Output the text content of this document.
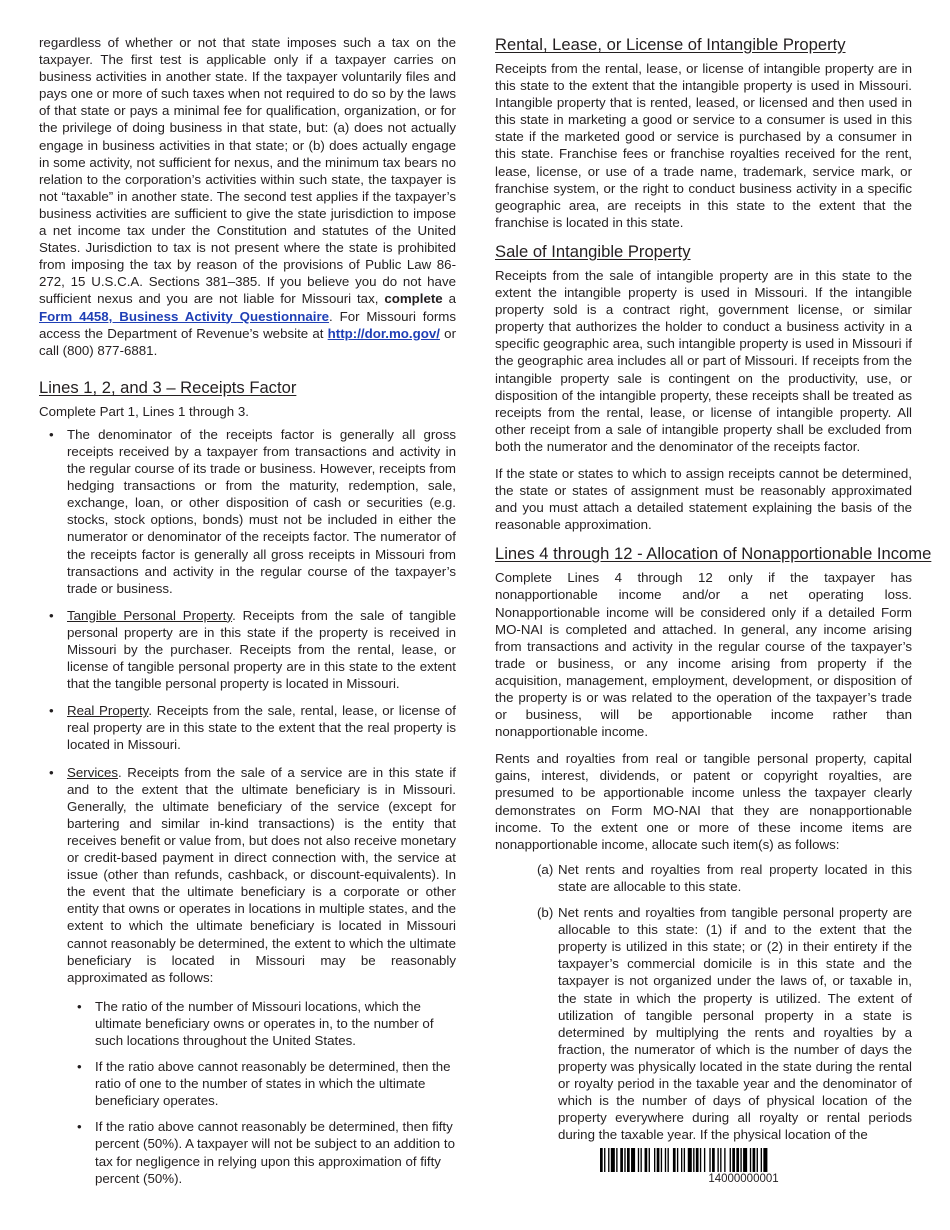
regardless of whether or not that state imposes such a tax on the taxpayer. The first test is applicable only if a taxpayer carries on business activities in another state. If the taxpayer voluntarily files and pays one or more of such taxes when not required to do so by the laws of that state or pays a minimal fee for qualification, organization, or for the privilege of doing business in that state, but: (a) does not actually engage in business activities in that state; or (b) does actually engage in some activity, not sufficient for nexus, and the minimum tax bears no relation to the corporation’s activities within such state, the taxpayer is not “taxable” in another state. The second test applies if the taxpayer’s business activities are sufficient to give the state jurisdiction to impose a net income tax under the Constitution and statutes of the United States. Jurisdiction to tax is not present where the state is prohibited from imposing the tax by reason of the provisions of Public Law 86-272, 15 U.S.C.A. Sections 381–385. If you believe you do not have sufficient nexus and you are not liable for Missouri tax, complete a Form 4458, Business Activity Questionnaire. For Missouri forms access the Department of Revenue’s website at http://dor.mo.gov/ or call (800) 877-6881.

Lines 1, 2, and 3 – Receipts Factor

Complete Part 1, Lines 1 through 3.

• The denominator of the receipts factor is generally all gross receipts received by a taxpayer from transactions and activity in the regular course of its trade or business. However, receipts from hedging transactions or from the maturity, redemption, sale, exchange, loan, or other disposition of cash or securities (e.g. stocks, stock options, bonds) must not be included in either the numerator or denominator of the receipts factor. The numerator of the receipts factor is generally all gross receipts in Missouri from transactions and activity in the regular course of the taxpayer’s trade or business.
• Tangible Personal Property. Receipts from the sale of tangible personal property are in this state if the property is received in Missouri by the purchaser. Receipts from the rental, lease, or license of tangible personal property are in this state to the extent that the tangible personal property is located in Missouri.
• Real Property. Receipts from the sale, rental, lease, or license of real property are in this state to the extent that the real property is located in Missouri.
• Services. Receipts from the sale of a service are in this state if and to the extent that the ultimate beneficiary is in Missouri. Generally, the ultimate beneficiary of the service (except for bartering and similar in-kind transactions) is the entity that receives benefit or value from, but does not also receive monetary or credit-based payment in direct connection with, the service at issue (other than refunds, cashback, or discount-equivalents). In the event that the ultimate beneficiary is a corporate or other entity that owns or operates in locations in multiple states, and the extent to which the ultimate beneficiary is located in Missouri cannot reasonably be determined, the extent to which the ultimate beneficiary is located in Missouri may be reasonably approximated as follows:
• The ratio of the number of Missouri locations, which the ultimate beneficiary owns or operates in, to the number of such locations throughout the United States.
• If the ratio above cannot reasonably be determined, then the ratio of one to the number of states in which the ultimate beneficiary operates.
• If the ratio above cannot reasonably be determined, then fifty percent (50%). A taxpayer will not be subject to an addition to tax for negligence in relying upon this approximation of fifty percent (50%).
Rental, Lease, or License of Intangible Property

Receipts from the rental, lease, or license of intangible property are in this state to the extent that the intangible property is used in Missouri. Intangible property that is rented, leased, or licensed and then used in this state in marketing a good or service to a consumer is used in this state if the marketed good or service is purchased by a consumer in this state. Franchise fees or franchise royalties received for the rent, lease, license, or use of a trade name, trademark, service mark, or franchise system, or the right to conduct business activity in a specific geographic area, are receipts in this state to the extent that the franchise is located in this state.

Sale of Intangible Property

Receipts from the sale of intangible property are in this state to the extent the intangible property is used in Missouri. If the intangible property sold is a contract right, government license, or similar property that authorizes the holder to conduct a business activity in a specific geographic area, such intangible property is used in Missouri if the geographic area includes all or part of Missouri. If receipts from the intangible property sale is contingent on the productivity, use, or disposition of the intangible property, these receipts shall be treated as receipts from the rental, lease, or license of intangible property. All other receipt from a sale of intangible property shall be excluded from both the numerator and the denominator of the receipts factor.

If the state or states to which to assign receipts cannot be determined, the state or states of assignment must be reasonably approximated and you must attach a detailed statement explaining the basis of the reasonable approximation.

Lines 4 through 12 - Allocation of Nonapportionable Income

Complete Lines 4 through 12 only if the taxpayer has nonapportionable income and/or a net operating loss. Nonapportionable income will be considered only if a detailed Form MO-NAI is completed and attached. In general, any income arising from transactions and activity in the regular course of the taxpayer’s trade or business, or any income arising from property if the acquisition, management, employment, development, or disposition of the property is or was related to the operation of the taxpayer’s trade or business, will be apportionable income rather than nonapportionable income.

Rents and royalties from real or tangible personal property, capital gains, interest, dividends, or patent or copyright royalties, are presumed to be apportionable income unless the taxpayer clearly demonstrates on Form MO-NAI that they are nonapportionable income. To the extent one or more of these income items are nonapportionable income, allocate such item(s) as follows:

(a) Net rents and royalties from real property located in this state are allocable to this state.
(b) Net rents and royalties from tangible personal property are allocable to this state: (1) if and to the extent that the property is utilized in this state; or (2) in their entirety if the taxpayer’s commercial domicile is in this state and the taxpayer is not organized under the laws of, or taxable in, the state in which the property is utilized. The extent of utilization of tangible personal property in a state is determined by multiplying the rents and royalties by a fraction, the numerator of which is the number of days the property was physically located in the state during the rental or royalty period in the taxable year and the denominator of which is the number of days of physical location of the property everywhere during all royalty or rental periods during the taxable year. If the physical location of the
14000000001
